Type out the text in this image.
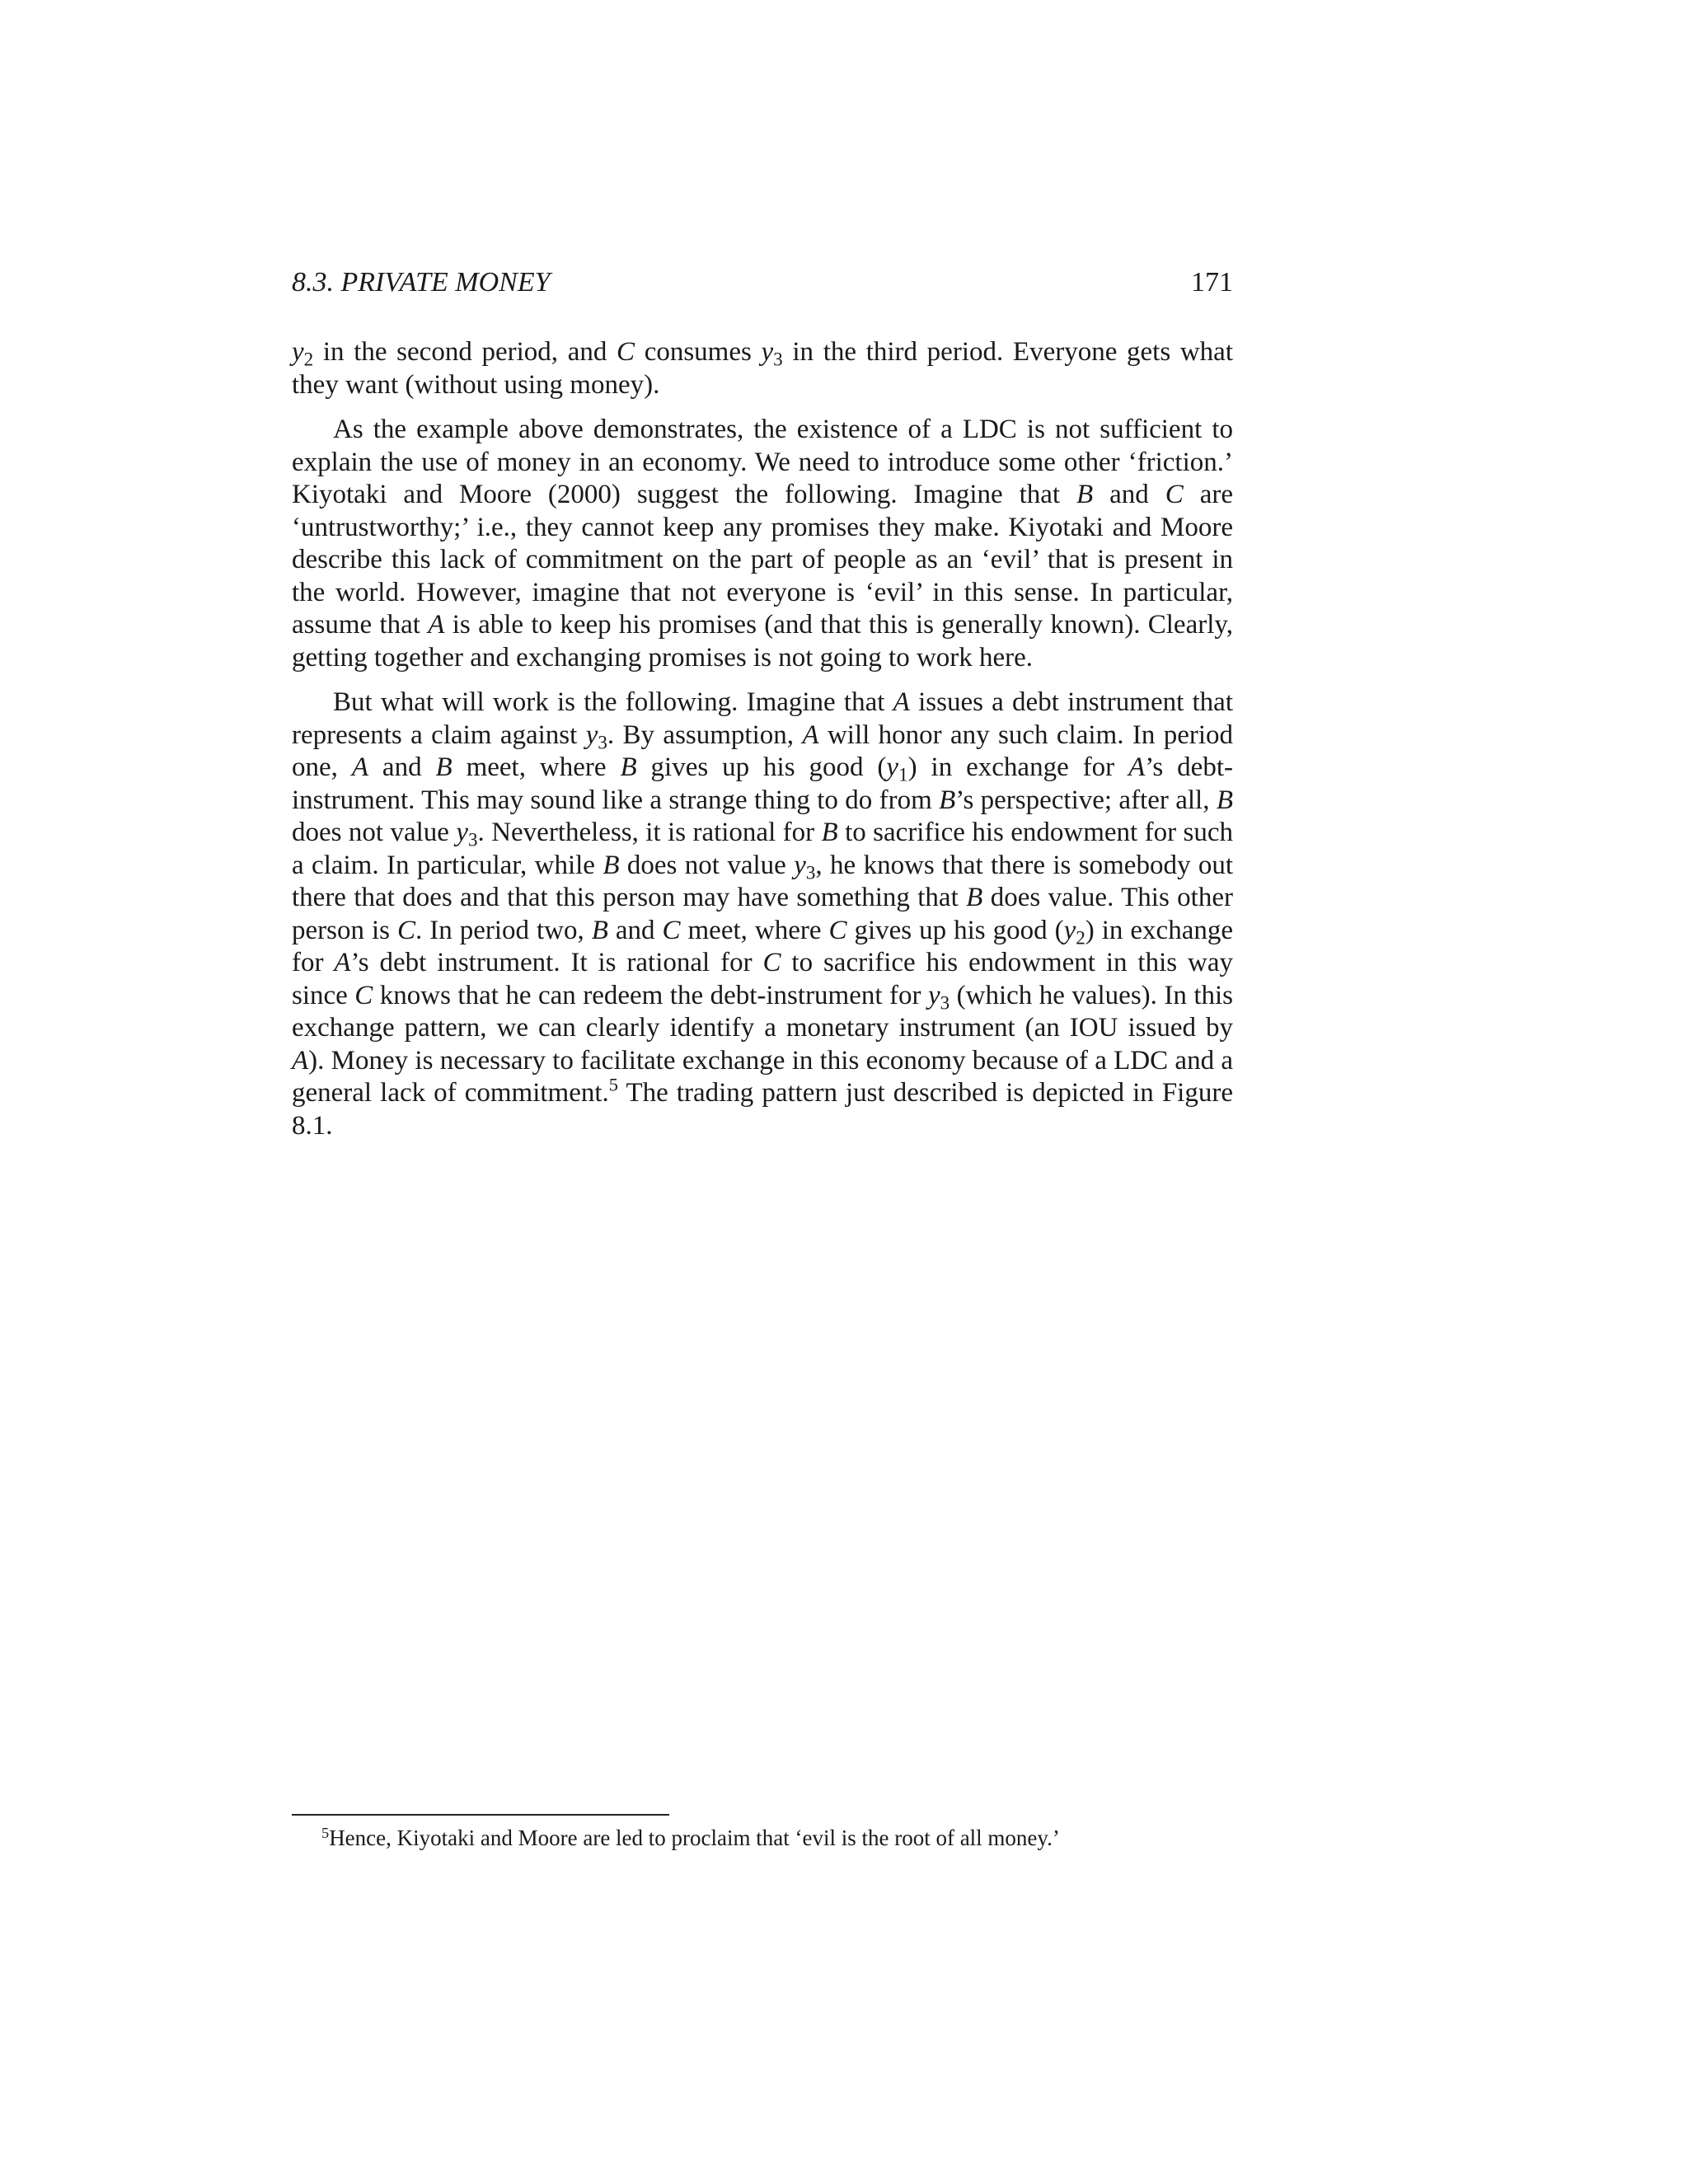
8.3. PRIVATE MONEY	171

$y_2$ in the second period, and C consumes $y_3$ in the third period. Everyone gets what they want (without using money).

As the example above demonstrates, the existence of a LDC is not sufficient to explain the use of money in an economy. We need to introduce some other ‘friction.’ Kiyotaki and Moore (2000) suggest the following. Imagine that B and C are ‘untrustworthy;’ i.e., they cannot keep any promises they make. Kiyotaki and Moore describe this lack of commitment on the part of people as an ‘evil’ that is present in the world. However, imagine that not everyone is ‘evil’ in this sense. In particular, assume that A is able to keep his promises (and that this is generally known). Clearly, getting together and exchanging promises is not going to work here.

But what will work is the following. Imagine that A issues a debt instrument that represents a claim against $y_3$. By assumption, A will honor any such claim. In period one, A and B meet, where B gives up his good $(y_1)$ in exchange for A’s debt-instrument. This may sound like a strange thing to do from B’s perspective; after all, B does not value $y_3$. Nevertheless, it is rational for B to sacrifice his endowment for such a claim. In particular, while B does not value $y_3$, he knows that there is somebody out there that does and that this person may have something that B does value. This other person is C. In period two, B and C meet, where C gives up his good $(y_2)$ in exchange for A’s debt instrument. It is rational for C to sacrifice his endowment in this way since C knows that he can redeem the debt-instrument for $y_3$ (which he values). In this exchange pattern, we can clearly identify a monetary instrument (an IOU issued by A). Money is necessary to facilitate exchange in this economy because of a LDC and a general lack of commitment.$^5$ The trading pattern just described is depicted in Figure 8.1.

$^5$Hence, Kiyotaki and Moore are led to proclaim that ‘evil is the root of all money.’
